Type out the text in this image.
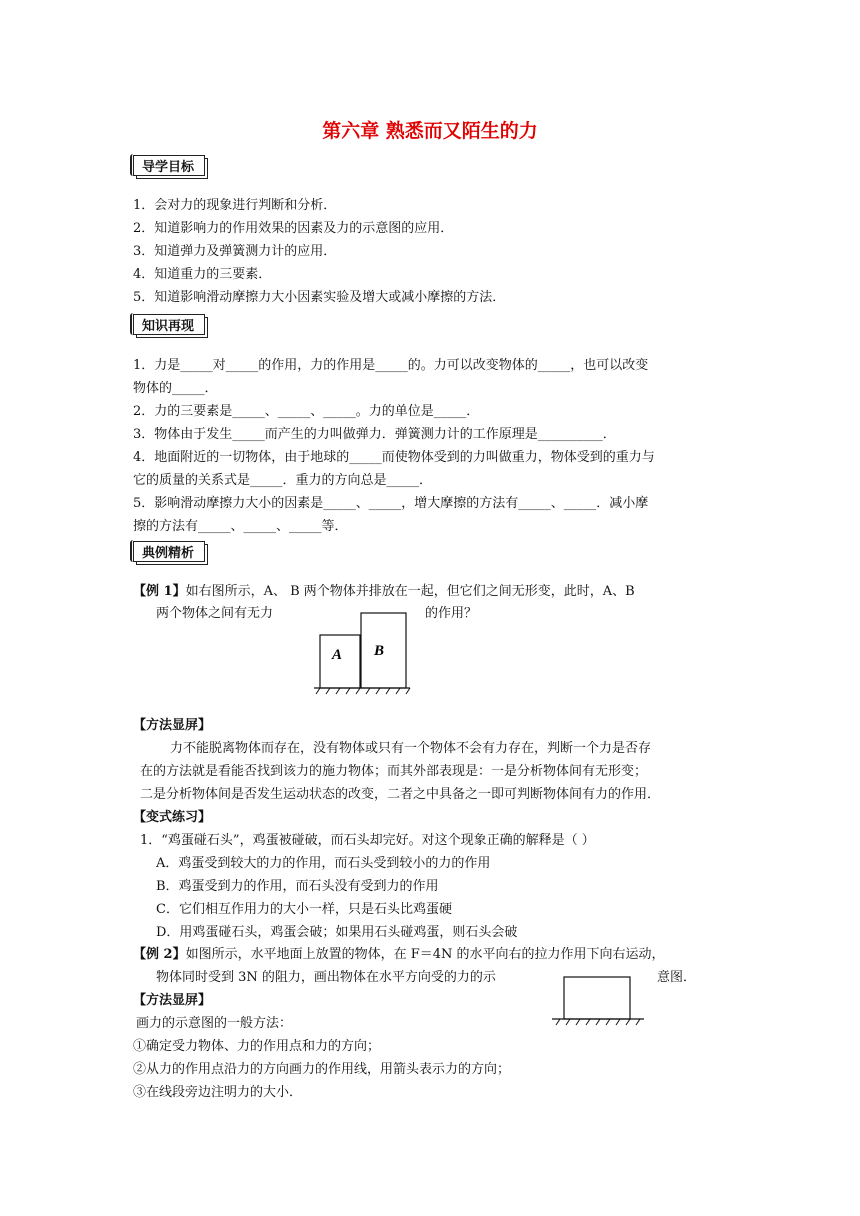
第六章 熟悉而又陌生的力
导学目标
1．会对力的现象进行判断和分析．
2．知道影响力的作用效果的因素及力的示意图的应用．
3．知道弹力及弹簧测力计的应用．
4．知道重力的三要素．
5．知道影响滑动摩擦力大小因素实验及增大或减小摩擦的方法．
知识再现
1．力是_____对_____的作用，力的作用是_____的。力可以改变物体的_____，也可以改变
物体的_____．
2．力的三要素是_____、_____、_____。力的单位是_____．
3．物体由于发生_____而产生的力叫做弹力．弹簧测力计的工作原理是__________．
4．地面附近的一切物体，由于地球的_____而使物体受到的力叫做重力，物体受到的重力与
它的质量的关系式是_____．重力的方向总是_____．
5．影响滑动摩擦力大小的因素是_____、_____，增大摩擦的方法有_____、_____．减小摩
擦的方法有_____、_____、_____等．
典例精析
【例 1】如右图所示，A、 B 两个物体并排放在一起，但它们之间无形变，此时，A、B
两个物体之间有无力	的作用？
A B
【方法显屏】
力不能脱离物体而存在，没有物体或只有一个物体不会有力存在，判断一个力是否存
在的方法就是看能否找到该力的施力物体；而其外部表现是：一是分析物体间有无形变；
二是分析物体间是否发生运动状态的改变，二者之中具备之一即可判断物体间有力的作用．
【变式练习】
1．“鸡蛋碰石头”，鸡蛋被碰破，而石头却完好。对这个现象正确的解释是（ ）
A．鸡蛋受到较大的力的作用，而石头受到较小的力的作用
B．鸡蛋受到力的作用，而石头没有受到力的作用
C．它们相互作用力的大小一样，只是石头比鸡蛋硬
D．用鸡蛋碰石头，鸡蛋会破；如果用石头碰鸡蛋，则石头会破
【例 2】如图所示，水平地面上放置的物体，在 F＝4N 的水平向右的拉力作用下向右运动，
物体同时受到 3N 的阻力，画出物体在水平方向受的力的示	意图．
【方法显屏】
画力的示意图的一般方法：
①确定受力物体、力的作用点和力的方向；
②从力的作用点沿力的方向画力的作用线，用箭头表示力的方向；
③在线段旁边注明力的大小．
